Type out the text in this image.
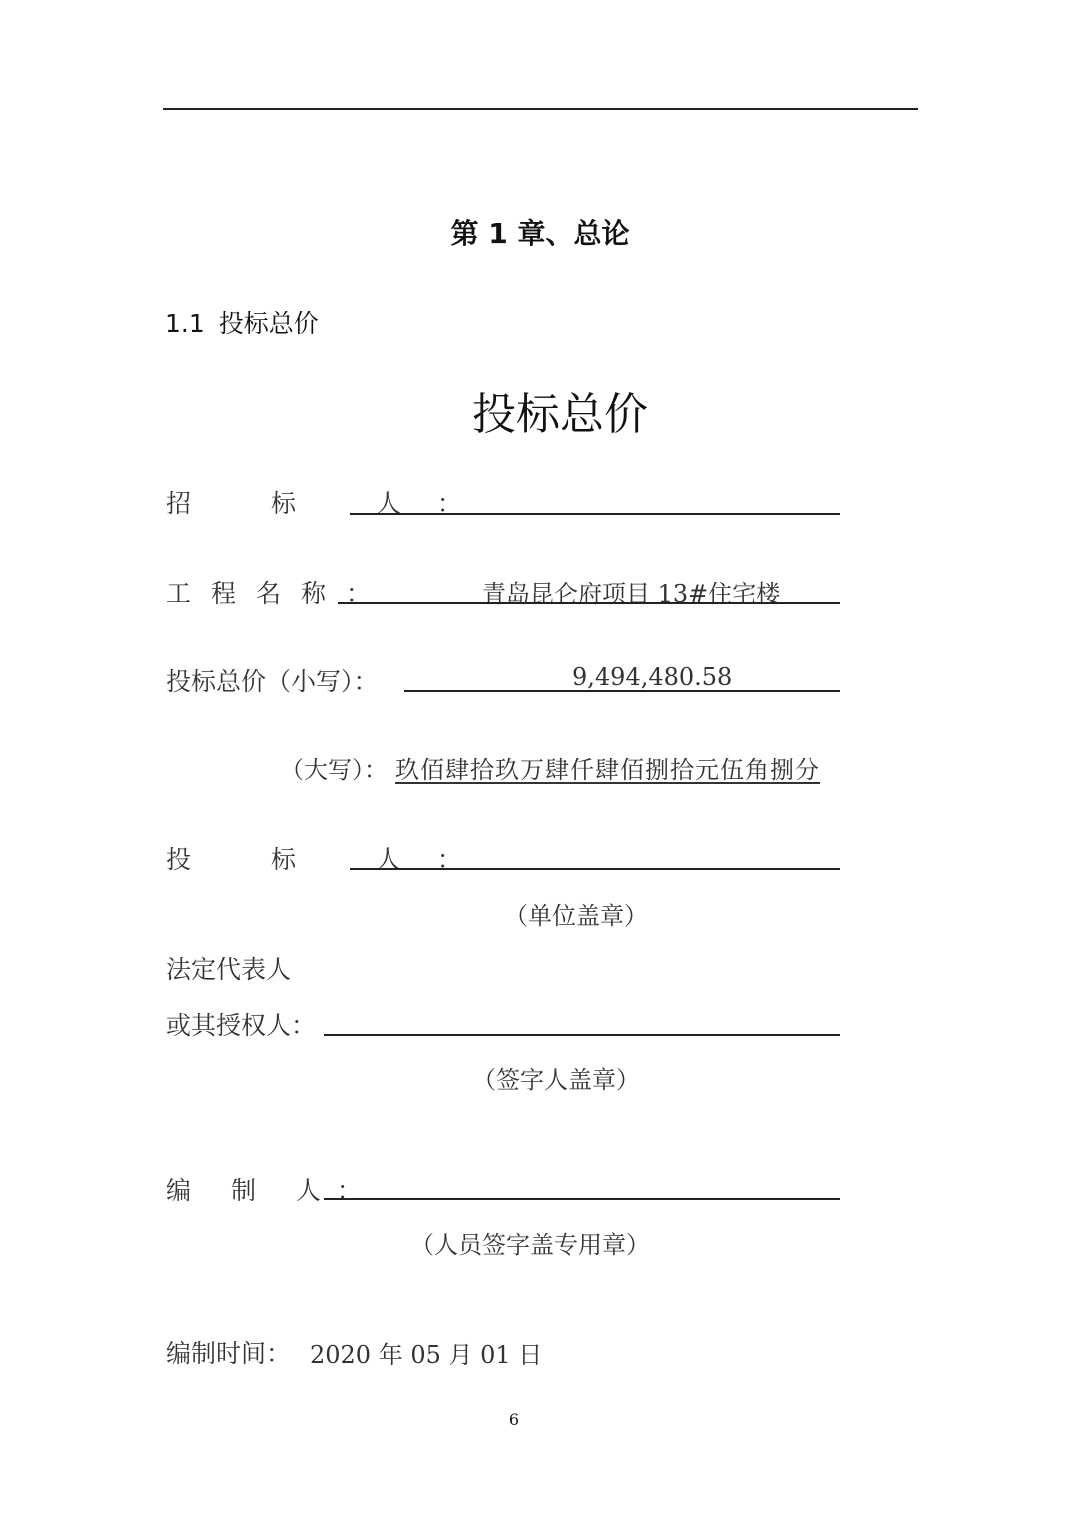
第 1 章、总论
1.1 投标总价
投标总价
招 标 人：
工程名称：	青岛昆仑府项目 13#住宅楼
投标总价（小写）：	9,494,480.58
（大写）： 玖佰肆拾玖万肆仟肆佰捌拾元伍角捌分
投 标 人：
（单位盖章）
法定代表人
或其授权人：
（签字人盖章）
编 制 人：
（人员签字盖专用章）
编制时间： 2020 年 05 月 01 日
6
